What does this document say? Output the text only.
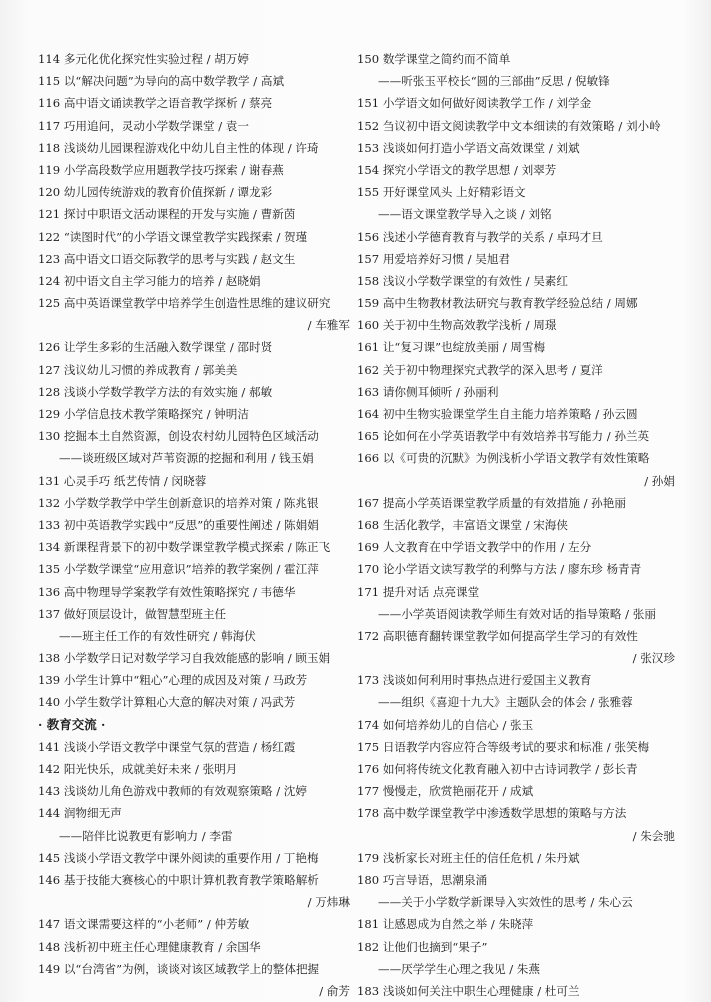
114 多元化优化探究性实验过程 / 胡万婷
115 以“解决问题”为导向的高中数学教学 / 高斌
116 高中语文诵读教学之语音教学探析 / 蔡亮
117 巧用追问，灵动小学数学课堂 / 袁一
118 浅谈幼儿园课程游戏化中幼儿自主性的体现 / 许琦
119 小学高段数学应用题教学技巧探索 / 谢春燕
120 幼儿园传统游戏的教育价值探新 / 谭龙彩
121 探讨中职语文活动课程的开发与实施 / 曹新茵
122 “读图时代”的小学语文课堂教学实践探索 / 贺瑾
123 高中语文口语交际教学的思考与实践 / 赵文生
124 初中语文自主学习能力的培养 / 赵晓娟
125 高中英语课堂教学中培养学生创造性思维的建议研究
/ 车雅军
126 让学生多彩的生活融入数学课堂 / 邵时贤
127 浅议幼儿习惯的养成教育 / 郭美美
128 浅谈小学数学教学方法的有效实施 / 郝敏
129 小学信息技术教学策略探究 / 钟明洁
130 挖掘本土自然资源，创设农村幼儿园特色区域活动
——谈班级区域对芦苇资源的挖掘和利用 / 钱玉娟
131 心灵手巧 纸艺传情 / 闵晓蓉
132 小学数学教学中学生创新意识的培养对策 / 陈兆银
133 初中英语教学实践中“反思”的重要性阐述 / 陈娟娟
134 新课程背景下的初中数学课堂教学模式探索 / 陈正飞
135 小学数学课堂“应用意识”培养的教学案例 / 霍江萍
136 高中物理导学案教学有效性策略探究 / 韦德华
137 做好顶层设计，做智慧型班主任
——班主任工作的有效性研究 / 韩海伏
138 小学数学日记对数学学习自我效能感的影响 / 顾玉娟
139 小学生计算中“粗心”心理的成因及对策 / 马政芳
140 小学生数学计算粗心大意的解决对策 / 冯武芳
· 教育交流 ·
141 浅谈小学语文教学中课堂气氛的营造 / 杨红霞
142 阳光快乐，成就美好未来 / 张明月
143 浅谈幼儿角色游戏中教师的有效观察策略 / 沈婷
144 润物细无声
——陪伴比说教更有影响力 / 李雷
145 浅谈小学语文教学中课外阅读的重要作用 / 丁艳梅
146 基于技能大赛核心的中职计算机教育教学策略解析
/ 万炜琳
147 语文课需要这样的“小老师” / 仲芳敏
148 浅析初中班主任心理健康教育 / 余国华
149 以“台湾省”为例，谈谈对该区域教学上的整体把握
/ 俞芳
150 数学课堂之简约而不简单
——听张玉平校长“圆的三部曲”反思 / 倪敏锋
151 小学语文如何做好阅读教学工作 / 刘学金
152 刍议初中语文阅读教学中文本细读的有效策略 / 刘小岭
153 浅谈如何打造小学语文高效课堂 / 刘斌
154 探究小学语文的教学思想 / 刘翠芳
155 开好课堂风头 上好精彩语文
——语文课堂教学导入之谈 / 刘铭
156 浅述小学德育教育与教学的关系 / 卓玛才旦
157 用爱培养好习惯 / 吴旭君
158 浅议小学数学课堂的有效性 / 吴素红
159 高中生物教材教法研究与教育教学经验总结 / 周娜
160 关于初中生物高效教学浅析 / 周璟
161 让“复习课”也绽放美丽 / 周雪梅
162 关于初中物理探究式教学的深入思考 / 夏洋
163 请你侧耳倾听 / 孙丽利
164 初中生物实验课堂学生自主能力培养策略 / 孙云圆
165 论如何在小学英语教学中有效培养书写能力 / 孙兰英
166 以《可贵的沉默》为例浅析小学语文教学有效性策略
/ 孙娟
167 提高小学英语课堂教学质量的有效措施 / 孙艳丽
168 生活化教学，丰富语文课堂 / 宋海侠
169 人文教育在中学语文教学中的作用 / 左分
170 论小学语文读写教学的利弊与方法 / 廖东珍 杨青青
171 提升对话 点亮课堂
——小学英语阅读教学师生有效对话的指导策略 / 张丽
172 高职德育翻转课堂教学如何提高学生学习的有效性
/ 张汉珍
173 浅谈如何利用时事热点进行爱国主义教育
——组织《喜迎十九大》主题队会的体会 / 张雅蓉
174 如何培养幼儿的自信心 / 张玉
175 日语教学内容应符合等级考试的要求和标准 / 张笑梅
176 如何将传统文化教育融入初中古诗词教学 / 彭长青
177 慢慢走，欣赏艳丽花开 / 成斌
178 高中数学课堂教学中渗透数学思想的策略与方法
/ 朱会驰
179 浅析家长对班主任的信任危机 / 朱丹斌
180 巧言导语，思潮泉涌
——关于小学数学新课导入实效性的思考 / 朱心云
181 让感恩成为自然之举 / 朱晓萍
182 让他们也摘到“果子”
——厌学学生心理之我见 / 朱燕
183 浅谈如何关注中职生心理健康 / 杜可兰
